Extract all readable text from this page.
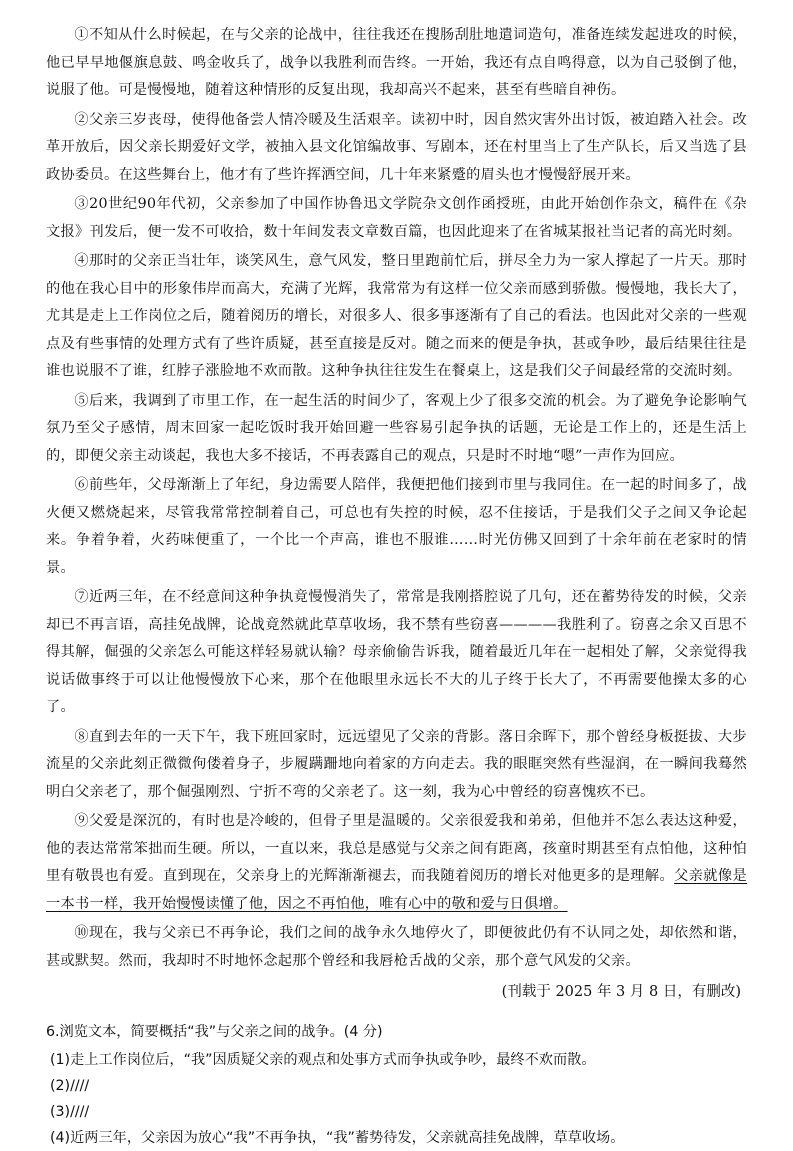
①不知从什么时候起，在与父亲的论战中，往往我还在搜肠刮肚地遣词造句，准备连续发起进攻的时候，他已早早地偃旗息鼓、鸣金收兵了，战争以我胜利而告终。一开始，我还有点自鸣得意，以为自己驳倒了他，说服了他。可是慢慢地，随着这种情形的反复出现，我却高兴不起来，甚至有些暗自神伤。

②父亲三岁丧母，使得他备尝人情冷暖及生活艰辛。读初中时，因自然灾害外出讨饭，被迫踏入社会。改革开放后，因父亲长期爱好文学，被抽入县文化馆编故事、写剧本，还在村里当上了生产队长，后又当选了县政协委员。在这些舞台上，他才有了些许挥洒空间，几十年来紧蹙的眉头也才慢慢舒展开来。

③20世纪90年代初，父亲参加了中国作协鲁迅文学院杂文创作函授班，由此开始创作杂文，稿件在《杂文报》刊发后，便一发不可收拾，数十年间发表文章数百篇，也因此迎来了在省城某报社当记者的高光时刻。

④那时的父亲正当壮年，谈笑风生，意气风发，整日里跑前忙后，拼尽全力为一家人撑起了一片天。那时的他在我心目中的形象伟岸而高大，充满了光辉，我常常为有这样一位父亲而感到骄傲。慢慢地，我长大了，尤其是走上工作岗位之后，随着阅历的增长，对很多人、很多事逐渐有了自己的看法。也因此对父亲的一些观点及有些事情的处理方式有了些许质疑，甚至直接是反对。随之而来的便是争执，甚或争吵，最后结果往往是谁也说服不了谁，红脖子涨脸地不欢而散。这种争执往往发生在餐桌上，这是我们父子间最经常的交流时刻。

⑤后来，我调到了市里工作，在一起生活的时间少了，客观上少了很多交流的机会。为了避免争论影响气氛乃至父子感情，周末回家一起吃饭时我开始回避一些容易引起争执的话题，无论是工作上的，还是生活上的，即便父亲主动谈起，我也大多不接话，不再表露自己的观点，只是时不时地“嗯”一声作为回应。

⑥前些年，父母渐渐上了年纪，身边需要人陪伴，我便把他们接到市里与我同住。在一起的时间多了，战火便又燃烧起来，尽管我常常控制着自己，可总也有失控的时候，忍不住接话，于是我们父子之间又争论起来。争着争着，火药味便重了，一个比一个声高，谁也不服谁……时光仿佛又回到了十余年前在老家时的情景。

⑦近两三年，在不经意间这种争执竟慢慢消失了，常常是我刚搭腔说了几句，还在蓄势待发的时候，父亲却已不再言语，高挂免战牌，论战竟然就此草草收场，我不禁有些窃喜————我胜利了。窃喜之余又百思不得其解，倔强的父亲怎么可能这样轻易就认输？母亲偷偷告诉我，随着最近几年在一起相处了解，父亲觉得我说话做事终于可以让他慢慢放下心来，那个在他眼里永远长不大的儿子终于长大了，不再需要他操太多的心了。

⑧直到去年的一天下午，我下班回家时，远远望见了父亲的背影。落日余晖下，那个曾经身板挺拔、大步流星的父亲此刻正微微佝偻着身子，步履蹒跚地向着家的方向走去。我的眼眶突然有些湿润，在一瞬间我蓦然明白父亲老了，那个倔强刚烈、宁折不弯的父亲老了。这一刻，我为心中曾经的窃喜愧疚不已。

⑨父爱是深沉的，有时也是冷峻的，但骨子里是温暖的。父亲很爱我和弟弟，但他并不怎么表达这种爱，他的表达常常笨拙而生硬。所以，一直以来，我总是感觉与父亲之间有距离，孩童时期甚至有点怕他，这种怕里有敬畏也有爱。直到现在，父亲身上的光辉渐渐褪去，而我随着阅历的增长对他更多的是理解。父亲就像是一本书一样，我开始慢慢读懂了他，因之不再怕他，唯有心中的敬和爱与日俱增。

⑩现在，我与父亲已不再争论，我们之间的战争永久地停火了，即便彼此仍有不认同之处，却依然和谐，甚或默契。然而，我却时不时地怀念起那个曾经和我唇枪舌战的父亲，那个意气风发的父亲。

(刊载于 2025 年 3 月 8 日，有删改)
6.浏览文本，简要概括“我”与父亲之间的战争。(4 分)
(1)走上工作岗位后，“我”因质疑父亲的观点和处事方式而争执或争吵，最终不欢而散。
(2)////
(3)////
(4)近两三年，父亲因为放心“我”不再争执，“我”蓄势待发，父亲就高挂免战牌，草草收场。
